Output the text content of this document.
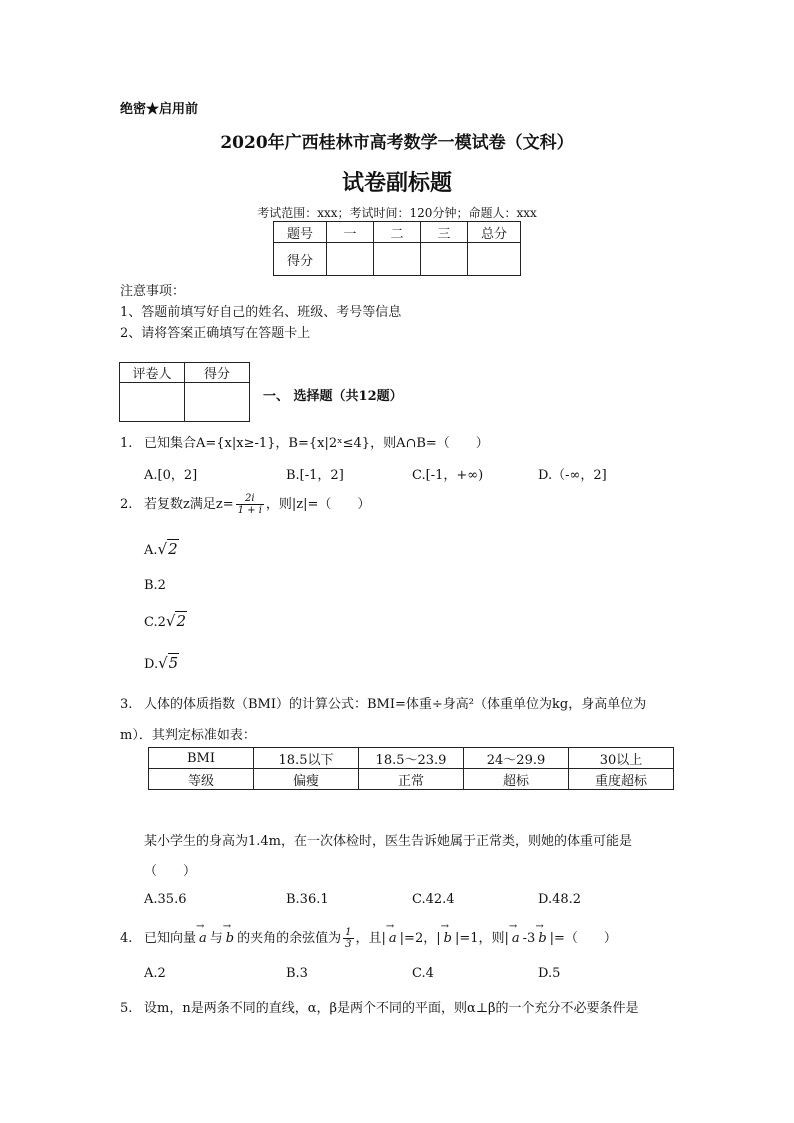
绝密★启用前
2020年广西桂林市高考数学一模试卷（文科）
试卷副标题
考试范围：xxx；考试时间：120分钟；命题人：xxx
题号	一	二	三	总分
得分				
注意事项：
1、答题前填写好自己的姓名、班级、考号等信息
2、请将答案正确填写在答题卡上
评卷人	得分

一、 选择题（共12题）
1. 已知集合A={x|x≥-1}，B={x|2ˣ≤4}，则A∩B=（　　）
A.[0，2]	B.[-1，2]	C.[-1，+∞)	D.（-∞，2]
2. 若复数z满足$z= \frac{2i}{1 + i}$ ，则|z|=（　　）
A.√2
B.2
C.2√2
D.√5
3. 人体的体质指数（BMI）的计算公式：BMI=体重÷身高²（体重单位为kg，身高单位为
m）．其判定标准如表：
BMI	18.5以下	18.5～23.9	24～29.9	30以上
等级	偏瘦	正常	超标	重度超标
某小学生的身高为1.4m，在一次体检时，医生告诉她属于正常类，则她的体重可能是
（　　）
A.35.6	B.36.1	C.42.4	D.48.2
4. 已知向量 → a 与 → b 的夹角的余弦值为 $\frac{1}{3}$ ，且| → a |=2，| → b |=1，则| → a -3 → b |=（　　）
A.2	B.3	C.4	D.5
5. 设m，n是两条不同的直线，α，β是两个不同的平面，则α⊥β的一个充分不必要条件是
